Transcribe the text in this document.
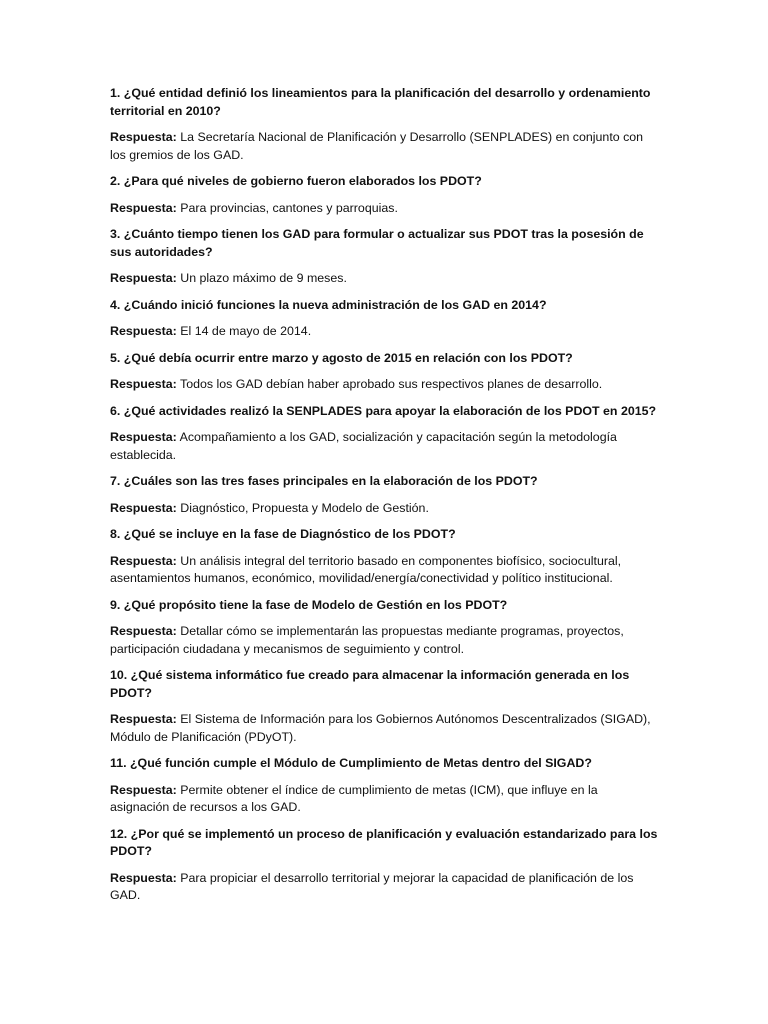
1. ¿Qué entidad definió los lineamientos para la planificación del desarrollo y ordenamiento territorial en 2010?

Respuesta: La Secretaría Nacional de Planificación y Desarrollo (SENPLADES) en conjunto con los gremios de los GAD.

2. ¿Para qué niveles de gobierno fueron elaborados los PDOT?

Respuesta: Para provincias, cantones y parroquias.

3. ¿Cuánto tiempo tienen los GAD para formular o actualizar sus PDOT tras la posesión de sus autoridades?

Respuesta: Un plazo máximo de 9 meses.

4. ¿Cuándo inició funciones la nueva administración de los GAD en 2014?

Respuesta: El 14 de mayo de 2014.

5. ¿Qué debía ocurrir entre marzo y agosto de 2015 en relación con los PDOT?

Respuesta: Todos los GAD debían haber aprobado sus respectivos planes de desarrollo.

6. ¿Qué actividades realizó la SENPLADES para apoyar la elaboración de los PDOT en 2015?

Respuesta: Acompañamiento a los GAD, socialización y capacitación según la metodología establecida.

7. ¿Cuáles son las tres fases principales en la elaboración de los PDOT?

Respuesta: Diagnóstico, Propuesta y Modelo de Gestión.

8. ¿Qué se incluye en la fase de Diagnóstico de los PDOT?

Respuesta: Un análisis integral del territorio basado en componentes biofísico, sociocultural, asentamientos humanos, económico, movilidad/energía/conectividad y político institucional.

9. ¿Qué propósito tiene la fase de Modelo de Gestión en los PDOT?

Respuesta: Detallar cómo se implementarán las propuestas mediante programas, proyectos, participación ciudadana y mecanismos de seguimiento y control.

10. ¿Qué sistema informático fue creado para almacenar la información generada en los PDOT?

Respuesta: El Sistema de Información para los Gobiernos Autónomos Descentralizados (SIGAD), Módulo de Planificación (PDyOT).

11. ¿Qué función cumple el Módulo de Cumplimiento de Metas dentro del SIGAD?

Respuesta: Permite obtener el índice de cumplimiento de metas (ICM), que influye en la asignación de recursos a los GAD.

12. ¿Por qué se implementó un proceso de planificación y evaluación estandarizado para los PDOT?

Respuesta: Para propiciar el desarrollo territorial y mejorar la capacidad de planificación de los GAD.
